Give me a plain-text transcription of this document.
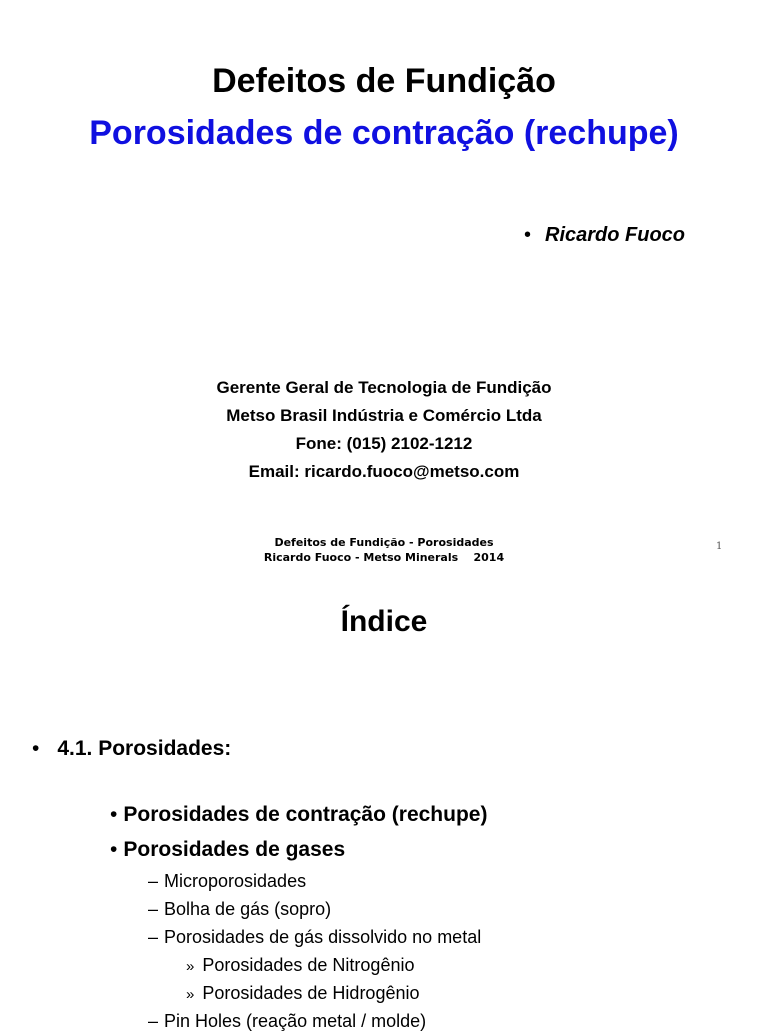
Defeitos de Fundição
Porosidades de contração (rechupe)
• Ricardo Fuoco
Gerente Geral de Tecnologia de Fundição
Metso Brasil Indústria e Comércio Ltda
Fone: (015) 2102-1212
Email: ricardo.fuoco@metso.com
Defeitos de Fundição - Porosidades
Ricardo Fuoco - Metso Minerals    2014
1
Índice
• 4.1. Porosidades:
• Porosidades de contração (rechupe)
• Porosidades de gases
– Microporosidades
– Bolha de gás (sopro)
– Porosidades de gás dissolvido no metal
» Porosidades de Nitrogênio
» Porosidades de Hidrogênio
– Pin Holes (reação metal / molde)
